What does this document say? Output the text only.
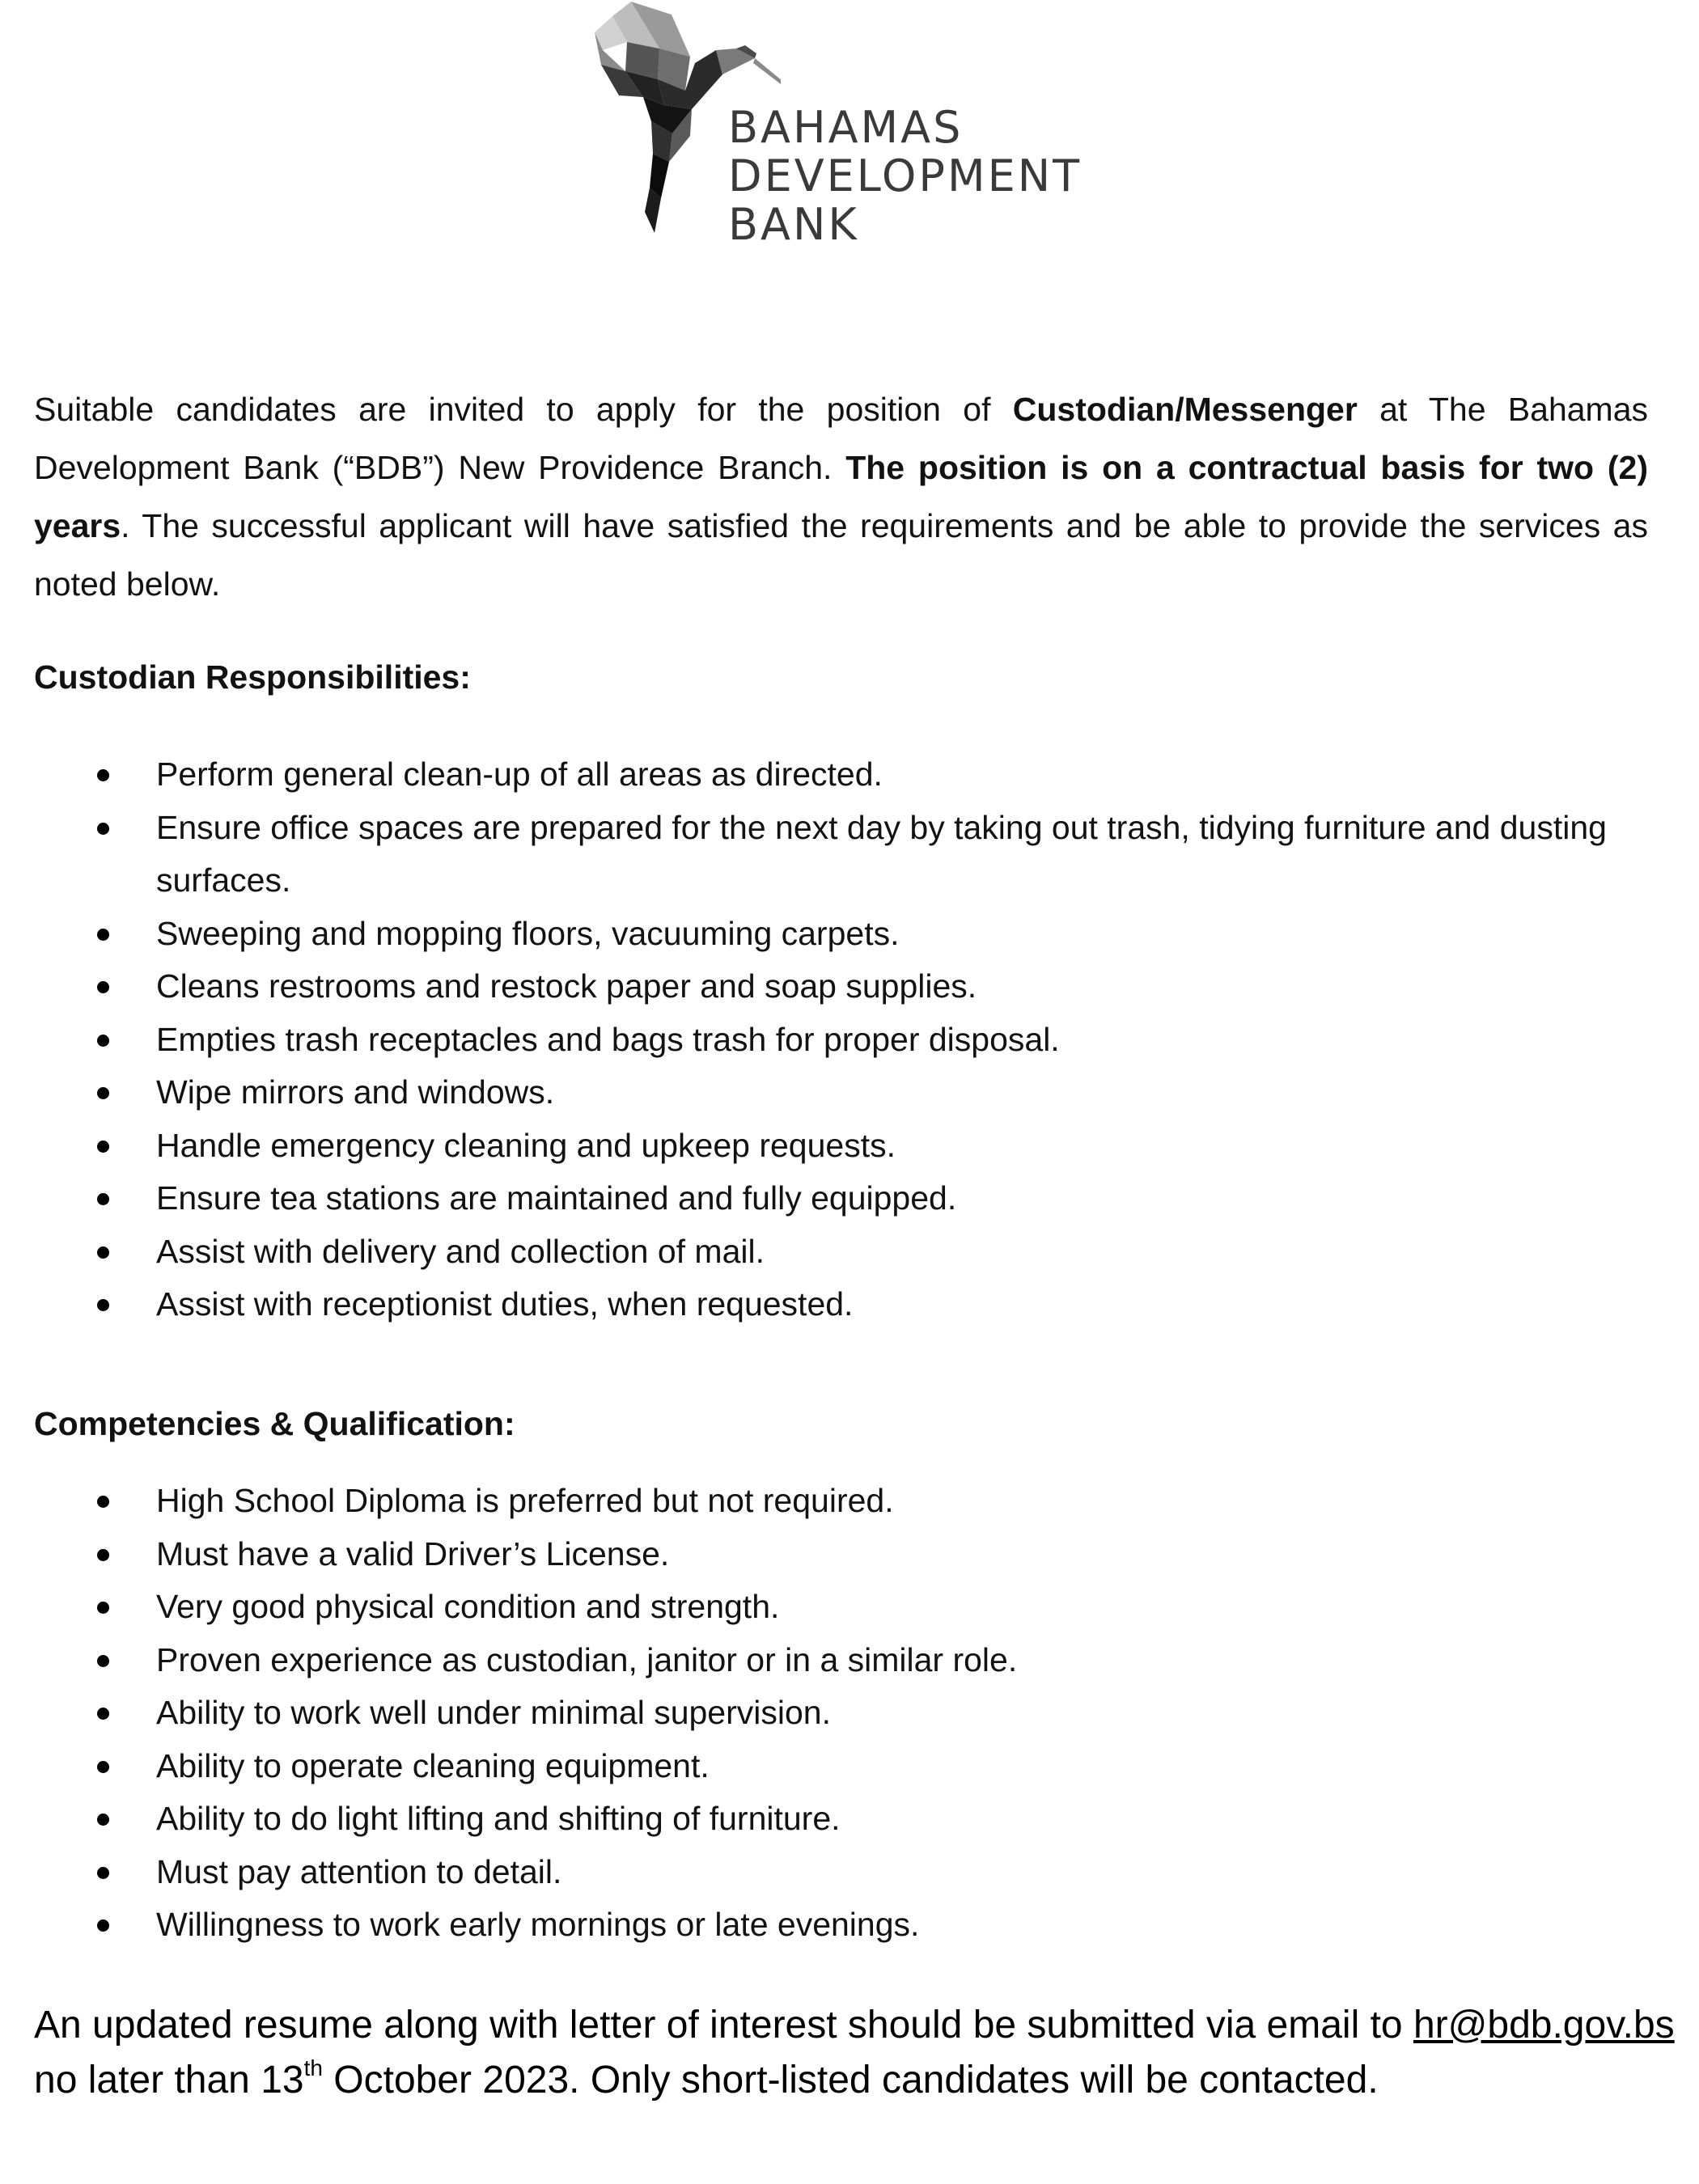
BAHAMAS
DEVELOPMENT
BANK

Suitable candidates are invited to apply for the position of Custodian/Messenger at The Bahamas Development Bank (“BDB”) New Providence Branch. The position is on a contractual basis for two (2) years. The successful applicant will have satisfied the requirements and be able to provide the services as noted below.

Custodian Responsibilities:
Perform general clean-up of all areas as directed.
Ensure office spaces are prepared for the next day by taking out trash, tidying furniture and dusting surfaces.
Sweeping and mopping floors, vacuuming carpets.
Cleans restrooms and restock paper and soap supplies.
Empties trash receptacles and bags trash for proper disposal.
Wipe mirrors and windows.
Handle emergency cleaning and upkeep requests.
Ensure tea stations are maintained and fully equipped.
Assist with delivery and collection of mail.
Assist with receptionist duties, when requested.
Competencies & Qualification:
High School Diploma is preferred but not required.
Must have a valid Driver’s License.
Very good physical condition and strength.
Proven experience as custodian, janitor or in a similar role.
Ability to work well under minimal supervision.
Ability to operate cleaning equipment.
Ability to do light lifting and shifting of furniture.
Must pay attention to detail.
Willingness to work early mornings or late evenings.

An updated resume along with letter of interest should be submitted via email to hr@bdb.gov.bs no later than 13th October 2023. Only short-listed candidates will be contacted.
